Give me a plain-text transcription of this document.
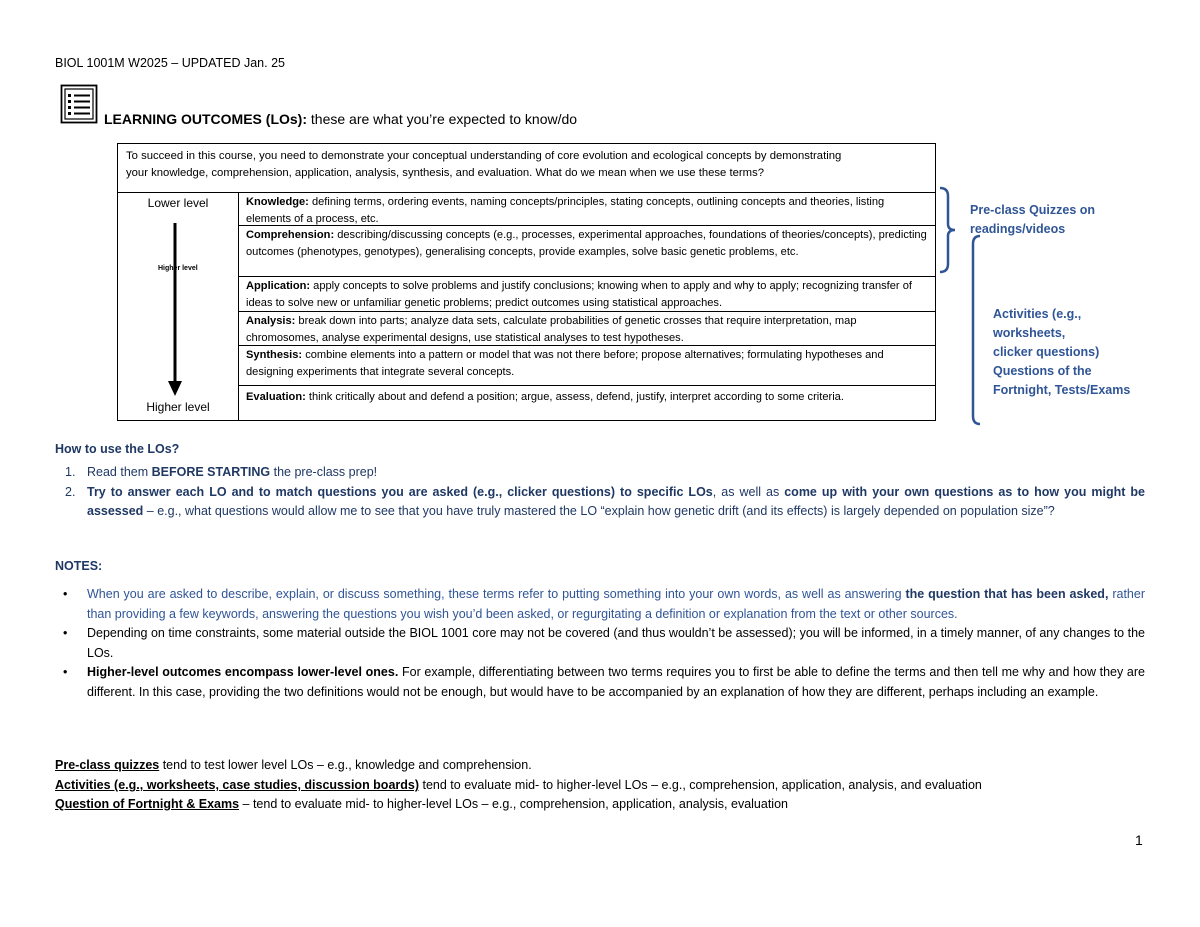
BIOL 1001M W2025 – UPDATED Jan. 25
LEARNING OUTCOMES (LOs): these are what you’re expected to know/do
To succeed in this course, you need to demonstrate your conceptual understanding of core evolution and ecological concepts by demonstrating
your knowledge, comprehension, application, analysis, synthesis, and evaluation. What do we mean when we use these terms?
Lower level
Higher level
Higher level
Knowledge: defining terms, ordering events, naming concepts/principles, stating concepts, outlining concepts and theories, listing elements of a process, etc.
Comprehension: describing/discussing concepts (e.g., processes, experimental approaches, foundations of theories/concepts), predicting outcomes (phenotypes, genotypes), generalising concepts, provide examples, solve basic genetic problems, etc.
Application: apply concepts to solve problems and justify conclusions; knowing when to apply and why to apply; recognizing transfer of ideas to solve new or unfamiliar genetic problems; predict outcomes using statistical approaches.
Analysis: break down into parts; analyze data sets, calculate probabilities of genetic crosses that require interpretation, map chromosomes, analyse experimental designs, use statistical analyses to test hypotheses.
Synthesis: combine elements into a pattern or model that was not there before; propose alternatives; formulating hypotheses and designing experiments that integrate several concepts.
Evaluation: think critically about and defend a position; argue, assess, defend, justify, interpret according to some criteria.
Pre-class Quizzes on
readings/videos
Activities (e.g.,
worksheets,
clicker questions)
Questions of the
Fortnight, Tests/Exams
How to use the LOs?
1. Read them BEFORE STARTING the pre-class prep!
2. Try to answer each LO and to match questions you are asked (e.g., clicker questions) to specific LOs, as well as come up with your own questions as to how you might be assessed – e.g., what questions would allow me to see that you have truly mastered the LO “explain how genetic drift (and its effects) is largely depended on population size”?
NOTES:
• When you are asked to describe, explain, or discuss something, these terms refer to putting something into your own words, as well as answering the question that has been asked, rather than providing a few keywords, answering the questions you wish you’d been asked, or regurgitating a definition or explanation from the text or other sources.
• Depending on time constraints, some material outside the BIOL 1001 core may not be covered (and thus wouldn’t be assessed); you will be informed, in a timely manner, of any changes to the LOs.
• Higher-level outcomes encompass lower-level ones. For example, differentiating between two terms requires you to first be able to define the terms and then tell me why and how they are different. In this case, providing the two definitions would not be enough, but would have to be accompanied by an explanation of how they are different, perhaps including an example.
Pre-class quizzes tend to test lower level LOs – e.g., knowledge and comprehension.
Activities (e.g., worksheets, case studies, discussion boards) tend to evaluate mid- to higher-level LOs – e.g., comprehension, application, analysis, and evaluation
Question of Fortnight & Exams – tend to evaluate mid- to higher-level LOs – e.g., comprehension, application, analysis, evaluation
1
